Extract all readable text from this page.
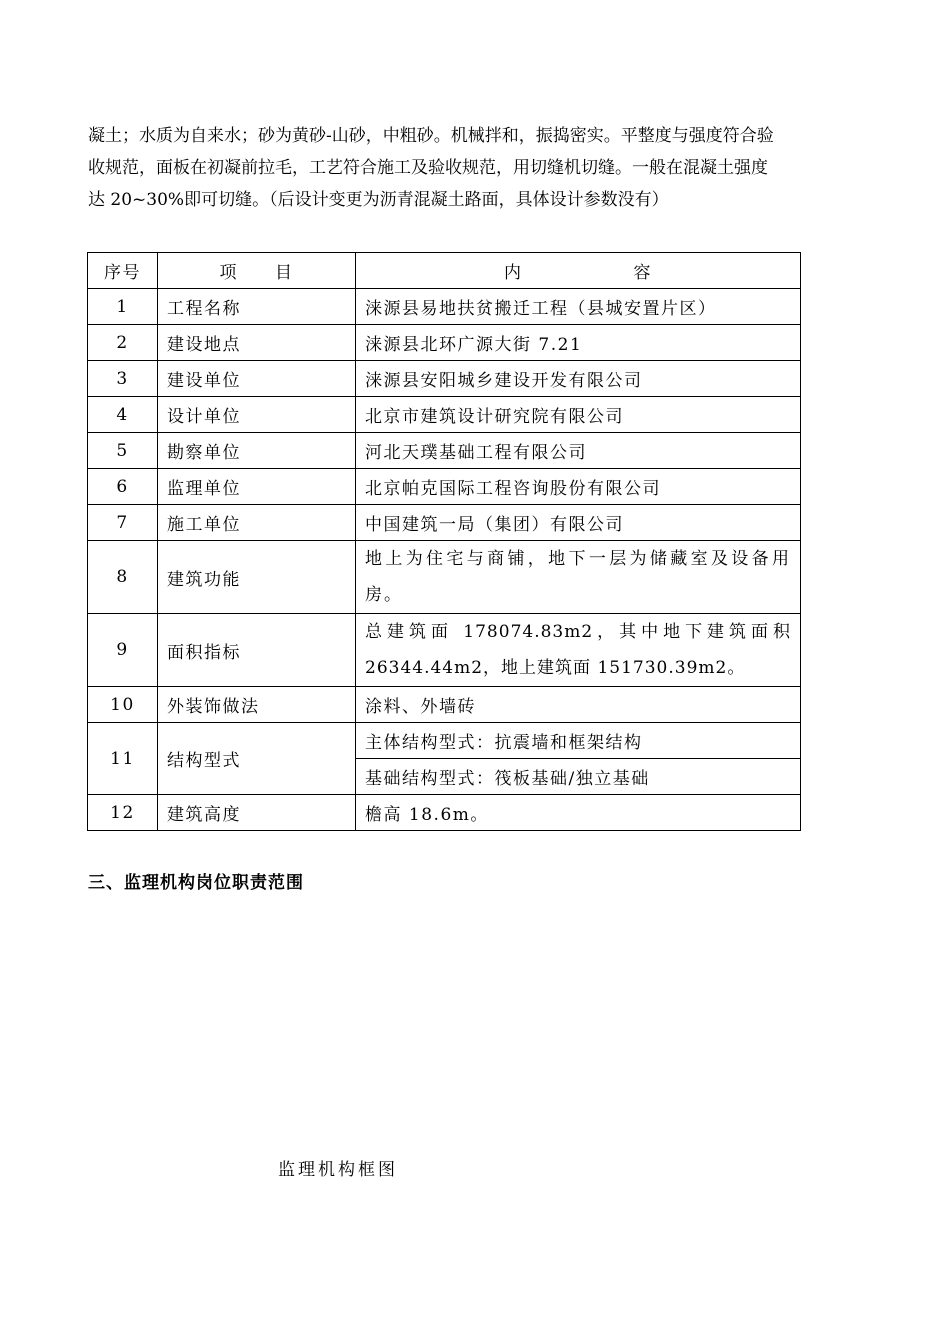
凝土；水质为自来水；砂为黄砂-山砂，中粗砂。机械拌和，振捣密实。平整度与强度符合验
收规范，面板在初凝前拉毛，工艺符合施工及验收规范，用切缝机切缝。一般在混凝土强度
达 20~30%即可切缝。（后设计变更为沥青混凝土路面，具体设计参数没有）
序号	项　　目	内　　　　　　容
1	工程名称	涞源县易地扶贫搬迁工程（县城安置片区）
2	建设地点	涞源县北环广源大街 7.21
3	建设单位	涞源县安阳城乡建设开发有限公司
4	设计单位	北京市建筑设计研究院有限公司
5	勘察单位	河北天璞基础工程有限公司
6	监理单位	北京帕克国际工程咨询股份有限公司
7	施工单位	中国建筑一局（集团）有限公司
8	建筑功能	地上为住宅与商铺，地下一层为储藏室及设备用房。
9	面积指标	总建筑面 178074.83m2，其中地下建筑面积 26344.44m2，地上建筑面 151730.39m2。
10	外装饰做法	涂料、外墙砖
11	结构型式	主体结构型式：抗震墙和框架结构
		基础结构型式：筏板基础/独立基础
12	建筑高度	檐高 18.6m。

三、监理机构岗位职责范围

监理机构框图
